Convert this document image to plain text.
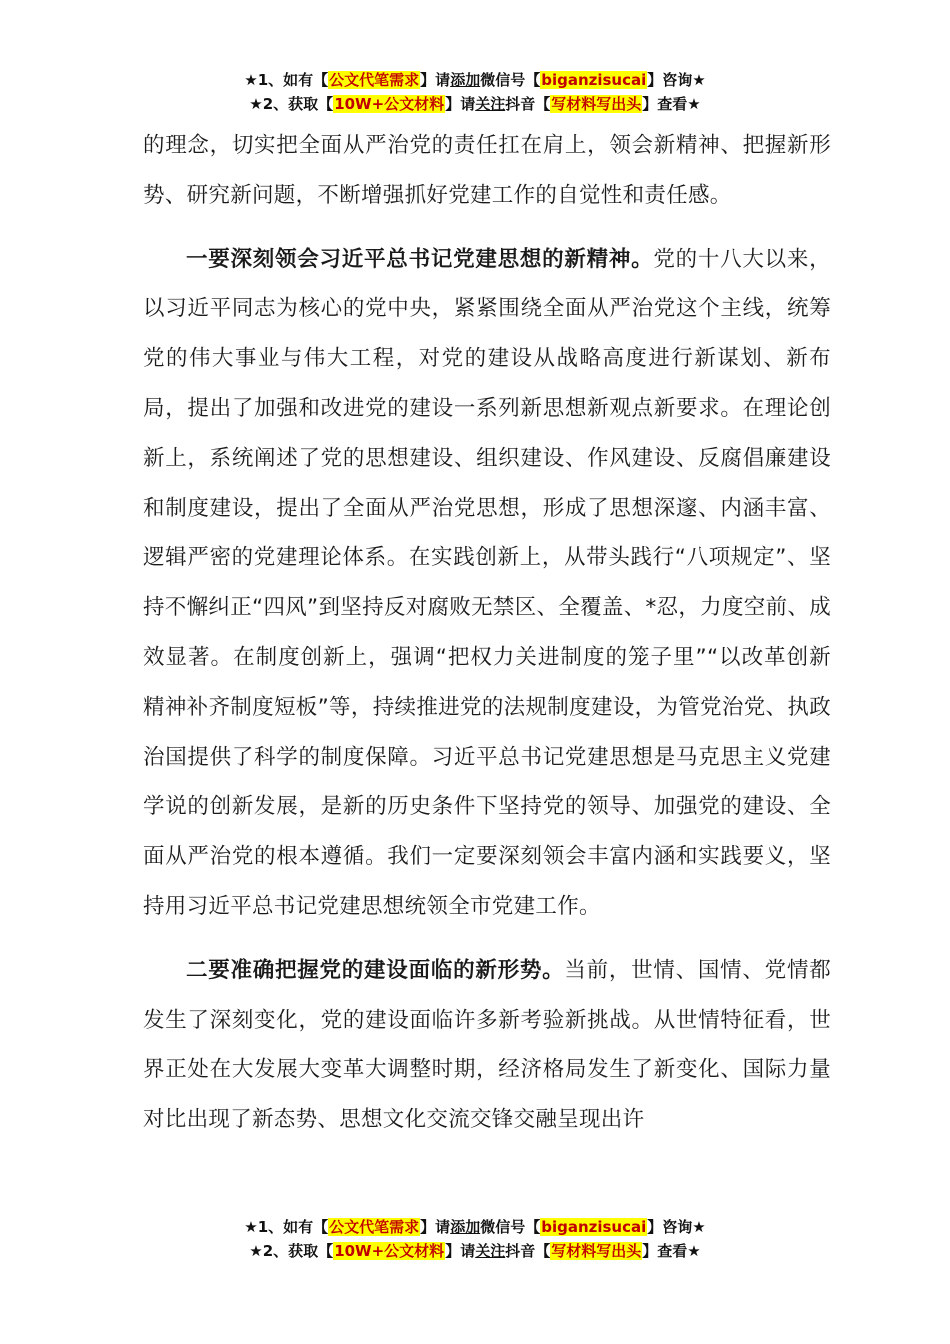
★1、如有【公文代笔需求】请添加微信号【biganzisucai】咨询★
★2、获取【10W+公文材料】请关注抖音【写材料写出头】查看★

的理念，切实把全面从严治党的责任扛在肩上，领会新精神、把握新形势、研究新问题，不断增强抓好党建工作的自觉性和责任感。

一要深刻领会习近平总书记党建思想的新精神。党的十八大以来，以习近平同志为核心的党中央，紧紧围绕全面从严治党这个主线，统筹党的伟大事业与伟大工程，对党的建设从战略高度进行新谋划、新布局，提出了加强和改进党的建设一系列新思想新观点新要求。在理论创新上，系统阐述了党的思想建设、组织建设、作风建设、反腐倡廉建设和制度建设，提出了全面从严治党思想，形成了思想深邃、内涵丰富、逻辑严密的党建理论体系。在实践创新上，从带头践行“八项规定”、坚持不懈纠正“四风”到坚持反对腐败无禁区、全覆盖、*忍，力度空前、成效显著。在制度创新上，强调“把权力关进制度的笼子里”“以改革创新精神补齐制度短板”等，持续推进党的法规制度建设，为管党治党、执政治国提供了科学的制度保障。习近平总书记党建思想是马克思主义党建学说的创新发展，是新的历史条件下坚持党的领导、加强党的建设、全面从严治党的根本遵循。我们一定要深刻领会丰富内涵和实践要义，坚持用习近平总书记党建思想统领全市党建工作。

二要准确把握党的建设面临的新形势。当前，世情、国情、党情都发生了深刻变化，党的建设面临许多新考验新挑战。从世情特征看，世界正处在大发展大变革大调整时期，经济格局发生了新变化、国际力量对比出现了新态势、思想文化交流交锋交融呈现出许

★1、如有【公文代笔需求】请添加微信号【biganzisucai】咨询★
★2、获取【10W+公文材料】请关注抖音【写材料写出头】查看★
